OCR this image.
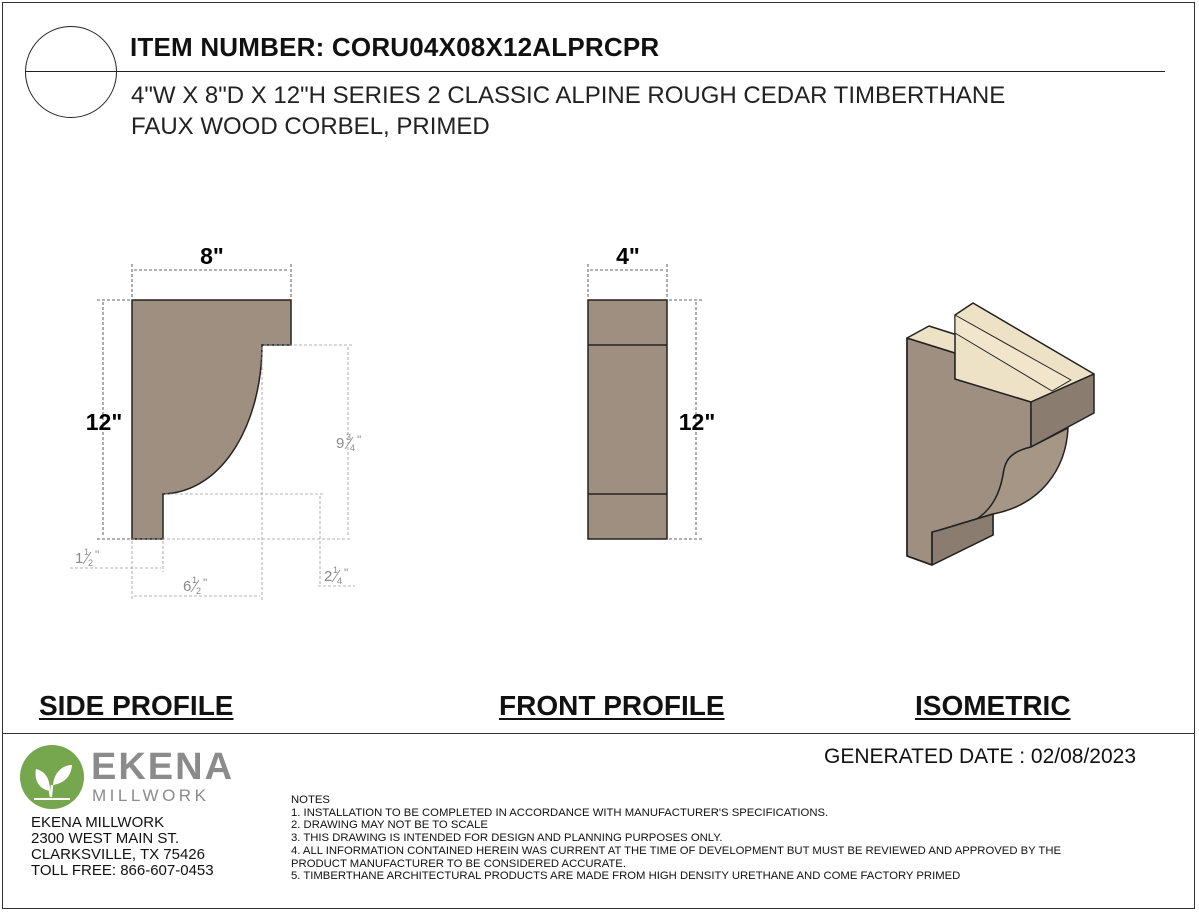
ITEM NUMBER: CORU04X08X12ALPRCPR
4"W X 8"D X 12"H SERIES 2 CLASSIC ALPINE ROUGH CEDAR TIMBERTHANE
FAUX WOOD CORBEL, PRIMED
8"
12"
9 3
4
"
1 1
2
"
6 1
2
"	2 1
4
"
4"
12"
SIDE PROFILE	FRONT PROFILE	ISOMETRIC
GENERATED DATE : 02/08/2023
EKENA
MILLWORK
EKENA MILLWORK
2300 WEST MAIN ST.
CLARKSVILLE, TX 75426
TOLL FREE: 866-607-0453
NOTES
1. INSTALLATION TO BE COMPLETED IN ACCORDANCE WITH MANUFACTURER'S SPECIFICATIONS.
2. DRAWING MAY NOT BE TO SCALE
3. THIS DRAWING IS INTENDED FOR DESIGN AND PLANNING PURPOSES ONLY.
4. ALL INFORMATION CONTAINED HEREIN WAS CURRENT AT THE TIME OF DEVELOPMENT BUT MUST BE REVIEWED AND APPROVED BY THE
PRODUCT MANUFACTURER TO BE CONSIDERED ACCURATE.
5. TIMBERTHANE ARCHITECTURAL PRODUCTS ARE MADE FROM HIGH DENSITY URETHANE AND COME FACTORY PRIMED
